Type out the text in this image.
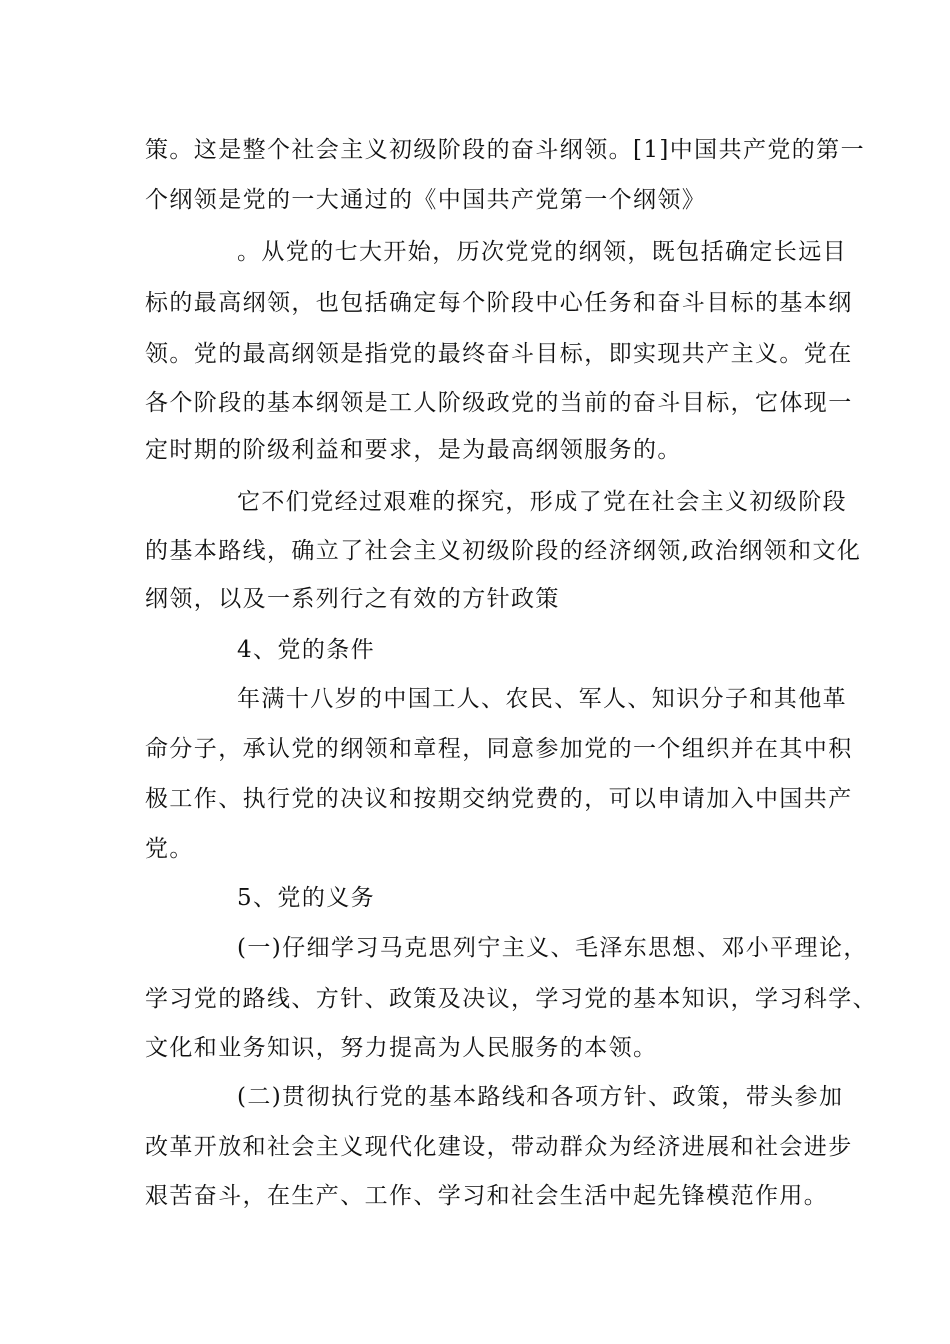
策。这是整个社会主义初级阶段的奋斗纲领。[1]中国共产党的第一
个纲领是党的一大通过的《中国共产党第一个纲领》
。从党的七大开始，历次党党的纲领，既包括确定长远目
标的最高纲领，也包括确定每个阶段中心任务和奋斗目标的基本纲
领。党的最高纲领是指党的最终奋斗目标，即实现共产主义。党在
各个阶段的基本纲领是工人阶级政党的当前的奋斗目标，它体现一
定时期的阶级利益和要求，是为最高纲领服务的。
它不们党经过艰难的探究，形成了党在社会主义初级阶段
的基本路线，确立了社会主义初级阶段的经济纲领,政治纲领和文化
纲领，以及一系列行之有效的方针政策
4、党的条件
年满十八岁的中国工人、农民、军人、知识分子和其他革
命分子，承认党的纲领和章程，同意参加党的一个组织并在其中积
极工作、执行党的决议和按期交纳党费的，可以申请加入中国共产
党。
5、党的义务
(一)仔细学习马克思列宁主义、毛泽东思想、邓小平理论，
学习党的路线、方针、政策及决议，学习党的基本知识，学习科学、
文化和业务知识，努力提高为人民服务的本领。
(二)贯彻执行党的基本路线和各项方针、政策，带头参加
改革开放和社会主义现代化建设，带动群众为经济进展和社会进步
艰苦奋斗，在生产、工作、学习和社会生活中起先锋模范作用。
